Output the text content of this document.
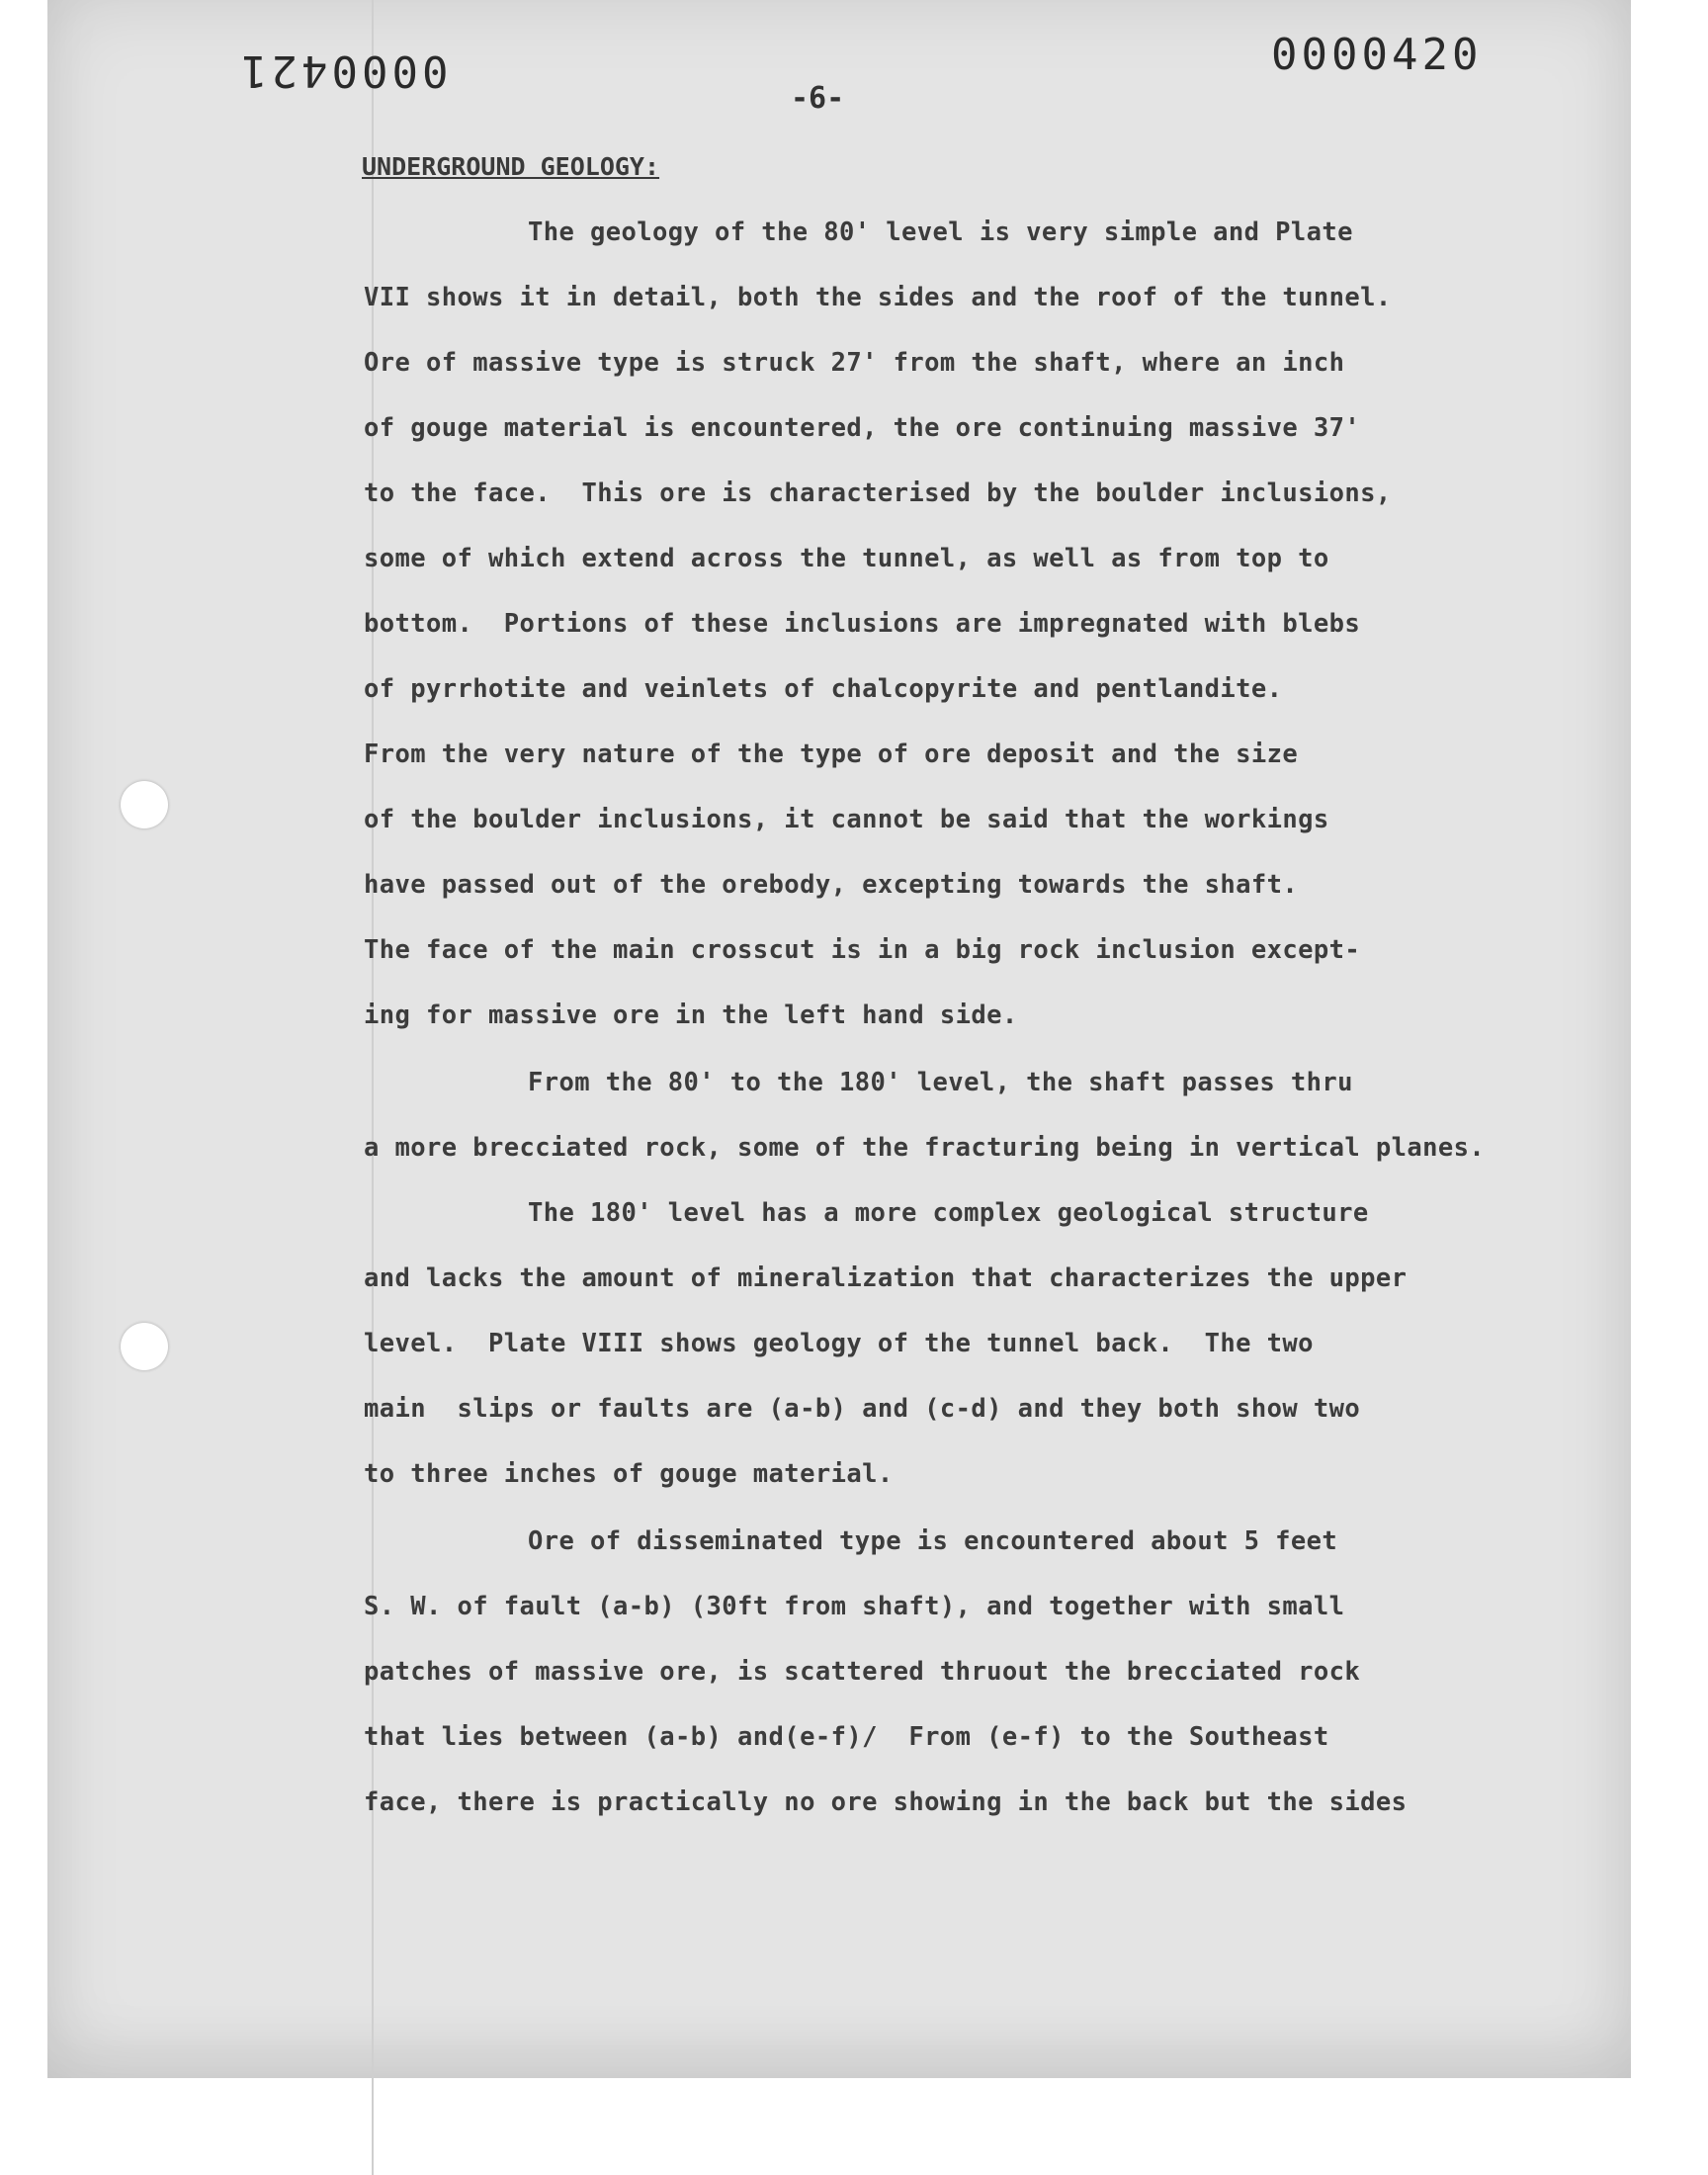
0000421	0000420
-6-
UNDERGROUND GEOLOGY:
The geology of the 80' level is very simple and Plate
VII shows it in detail, both the sides and the roof of the tunnel.
Ore of massive type is struck 27' from the shaft, where an inch
of gouge material is encountered, the ore continuing massive 37'
to the face.  This ore is characterised by the boulder inclusions,
some of which extend across the tunnel, as well as from top to
bottom.  Portions of these inclusions are impregnated with blebs
of pyrrhotite and veinlets of chalcopyrite and pentlandite.
From the very nature of the type of ore deposit and the size
of the boulder inclusions, it cannot be said that the workings
have passed out of the orebody, excepting towards the shaft.
The face of the main crosscut is in a big rock inclusion except-
ing for massive ore in the left hand side.
From the 80' to the 180' level, the shaft passes thru
a more brecciated rock, some of the fracturing being in vertical planes.
The 180' level has a more complex geological structure
and lacks the amount of mineralization that characterizes the upper
level.  Plate VIII shows geology of the tunnel back.  The two
main  slips or faults are (a-b) and (c-d) and they both show two
to three inches of gouge material.
Ore of disseminated type is encountered about 5 feet
S. W. of fault (a-b) (30ft from shaft), and together with small
patches of massive ore, is scattered thruout the brecciated rock
that lies between (a-b) and(e-f)/  From (e-f) to the Southeast
face, there is practically no ore showing in the back but the sides
